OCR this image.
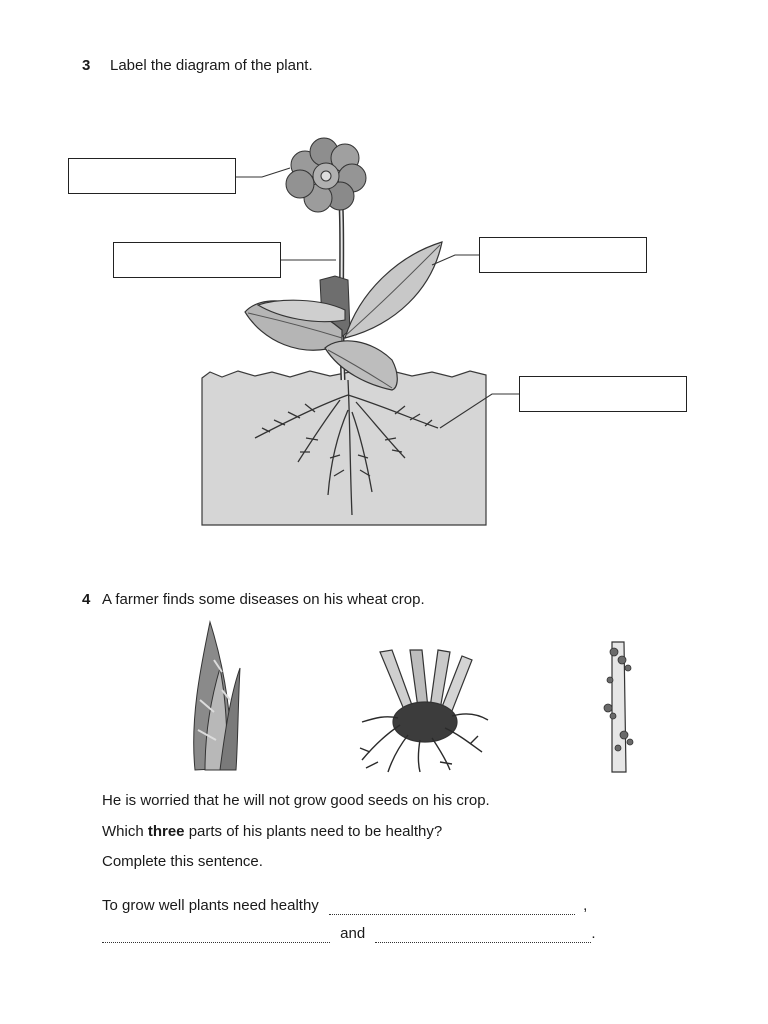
3 Label the diagram of the plant.
4 A farmer finds some diseases on his wheat crop.
He is worried that he will not grow good seeds on his crop.
Which three parts of his plants need to be healthy?
Complete this sentence.
To grow well plants need healthy	,
and	.
